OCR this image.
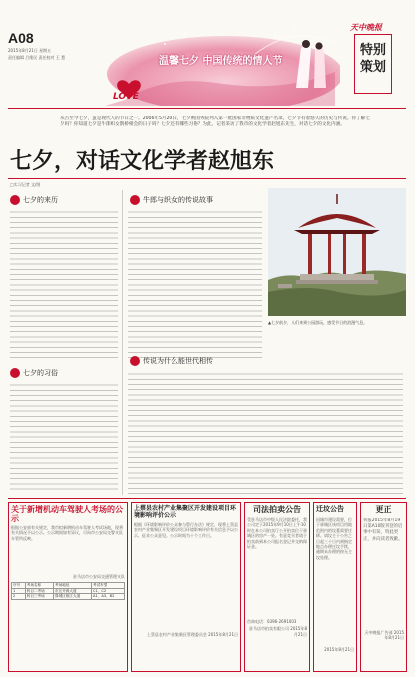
A08
2015年8月21日 星期五
责任编辑 吕维民 责任校对 王 慧	温馨七夕 中国传统的情人节
LOVE
天中晚报
特别策划
从古至今七夕，虽是现代人的节日之一。2006年5月20日，七夕被国务院列入第一批国家非物质文化遗产名录。七夕节有着悠久的历史与传说。你了解七夕吗？你知道七夕是牛郎织女鹊桥相会的日子吗？七夕还有哪些习俗？为此，记者采访了我市的文化学者赵旭东先生，对话七夕的文化内涵。
七夕，对话文化学者赵旭东
□实习记者 文/图
七夕的来历
七夕的习俗
牛郎与织女的传说故事
传说为什么能世代相传
▲七夕前夕，人们来到公园游玩，感受节日的浪漫气息。
关于新增机动车驾驶人考场的公示
根据公安部有关规定，我市拟新增机动车驾驶人考试场地，现将有关情况予以公示。公示期间如有异议，可向市公安局交警支队车管所反映。
驻马店市公安局交通管理支队
序号	考场名称	考场地址	考试车型
1	科目二考场	市区开源大道	C1、C2
2	科目三考场	驿城区练江大道	A1、A3、B2
上蔡县农村产业集聚区开发建设项目环境影响评价公示
根据《环境影响评价公众参与暂行办法》规定，现将上蔡县农村产业集聚区开发建设项目环境影响评价有关信息予以公示，征求公众意见。公示时间为十个工作日。
上蔡县农村产业集聚区管理委员会 2015年8月21日
司法拍卖公告
受驻马店市中级人民法院委托，我公司定于2015年9月10日上午10时在本公司拍卖厅公开拍卖位于驿城区的房产一处。有意竞买者请于拍卖前到本公司报名登记并交纳保证金。
咨询电话：0396-2691003
驻马店市拍卖有限公司 2015年8月21日
迁坟公告
因城市建设需要，位于驿城区该项目用地范围内的坟墓需要迁移。请坟主于公告之日起三十日内到指定地点办理迁坟手续，逾期未办理的按无主坟处理。
2015年8月21日
更正
我报2015年8月19日第A10版刊登的启事中有误，特此更正，并向读者致歉。
天中晚报广告部 2015年8月21日
